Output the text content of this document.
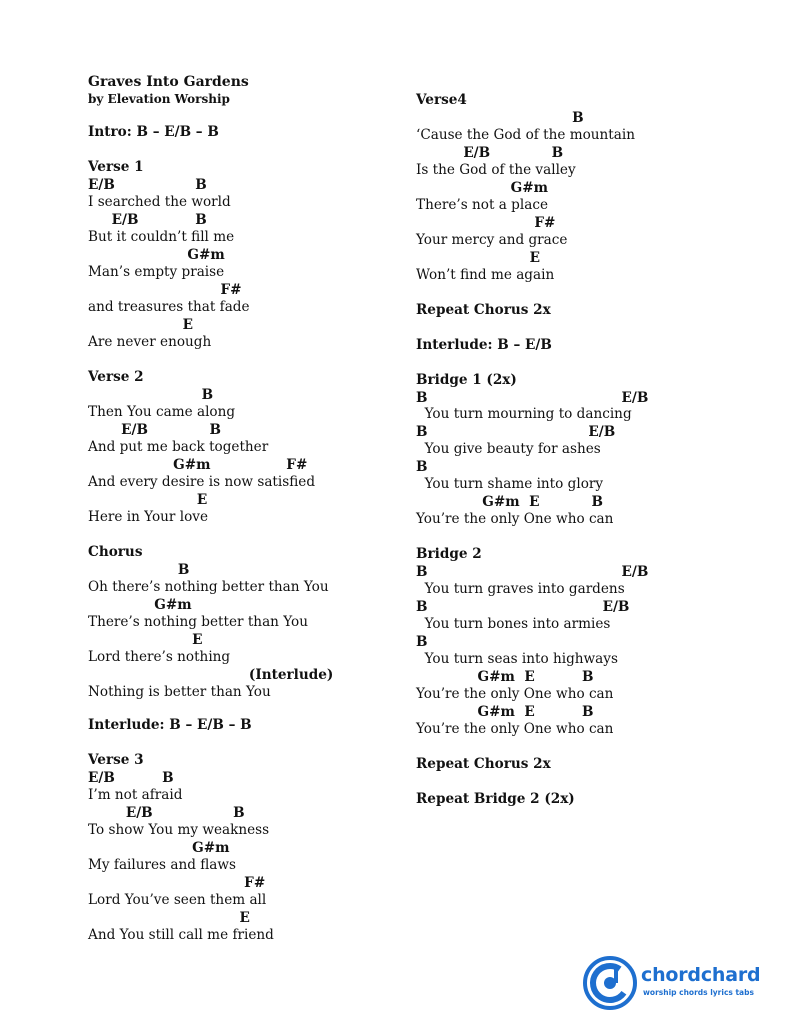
Graves Into Gardens
by Elevation Worship
Intro: B – E/B – B
Verse 1
E/B                 B
I searched the world
E/B            B
But it couldn’t fill me
G#m
Man’s empty praise
F#
and treasures that fade
E
Are never enough
Verse 2
B
Then You came along
E/B             B
And put me back together
G#m                F#
And every desire is now satisfied
E
Here in Your love
Chorus
B
Oh there’s nothing better than You
G#m
There’s nothing better than You
E
Lord there’s nothing
(Interlude)
Nothing is better than You
Interlude: B – E/B – B
Verse 3
E/B          B
I’m not afraid
E/B                 B
To show You my weakness
G#m
My failures and flaws
F#
Lord You’ve seen them all
E
And You still call me friend
Verse4
B
‘Cause the God of the mountain
E/B             B
Is the God of the valley
G#m
There’s not a place
F#
Your mercy and grace
E
Won’t find me again
Repeat Chorus 2x
Interlude: B – E/B
Bridge 1 (2x)
B                                         E/B
You turn mourning to dancing
B                                  E/B
You give beauty for ashes
B
You turn shame into glory
G#m  E           B
You’re the only One who can
Bridge 2
B                                         E/B
You turn graves into gardens
B                                     E/B
You turn bones into armies
B
You turn seas into highways
G#m  E          B
You’re the only One who can
G#m  E          B
You’re the only One who can
Repeat Chorus 2x
Repeat Bridge 2 (2x)
chordchard
worship chords lyrics tabs
